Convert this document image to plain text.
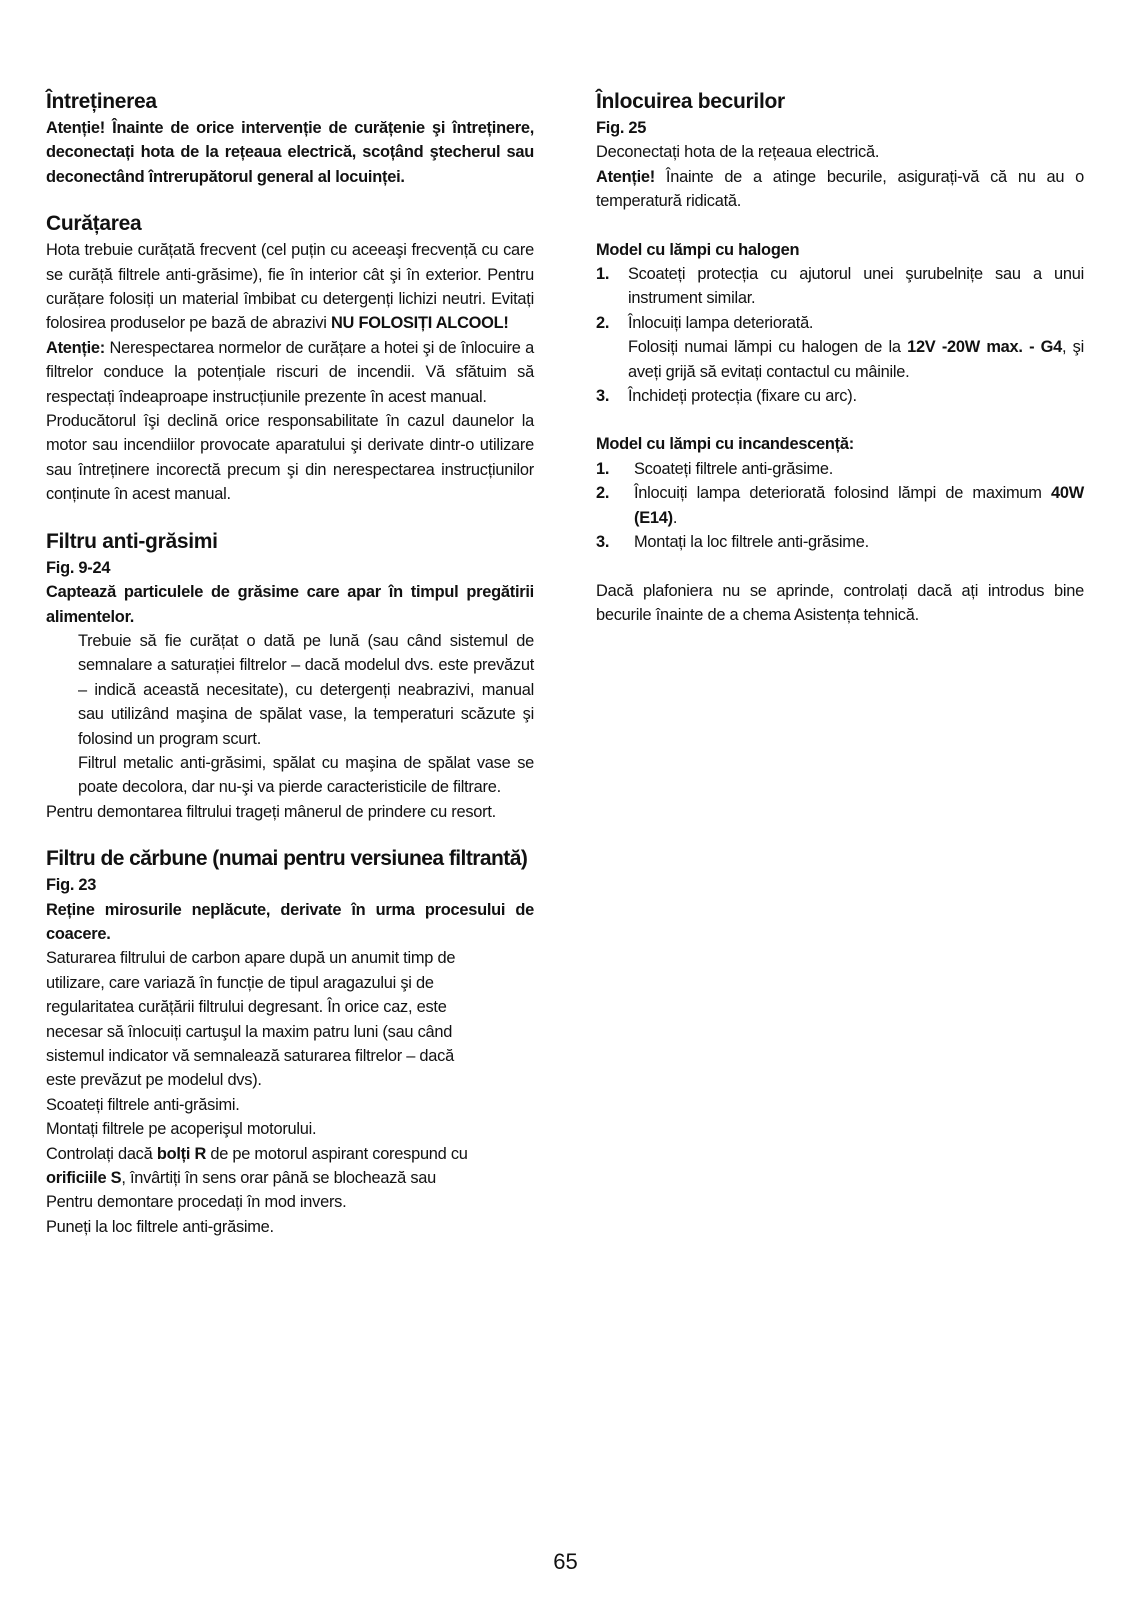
Întreținerea

Atenție! Înainte de orice intervenție de curățenie şi întreținere, deconectați hota de la rețeaua electrică, scoțând ştecherul sau deconectând întrerupătorul general al locuinței.

Curățarea

Hota trebuie curățată frecvent (cel puțin cu aceeaşi frecvență cu care se curăță filtrele anti-grăsime), fie în interior cât şi în exterior. Pentru curățare folosiți un material îmbibat cu detergenți lichizi neutri. Evitați folosirea produselor pe bază de abrazivi NU FOLOSIȚI ALCOOL!

Atenție: Nerespectarea normelor de curățare a hotei şi de înlocuire a filtrelor conduce la potențiale riscuri de incendii. Vă sfătuim să respectați îndeaproape instrucțiunile prezente în acest manual.

Producătorul îşi declină orice responsabilitate în cazul daunelor la motor sau incendiilor provocate aparatului şi derivate dintr-o utilizare sau întreținere incorectă precum şi din nerespectarea instrucțiunilor conținute în acest manual.

Filtru anti-grăsimi

Fig. 9-24

Captează particulele de grăsime care apar în timpul pregătirii alimentelor.

Trebuie să fie curățat o dată pe lună (sau când sistemul de semnalare a saturației filtrelor – dacă modelul dvs. este prevăzut – indică această necesitate), cu detergenți neabrazivi, manual sau utilizând maşina de spălat vase, la temperaturi scăzute şi folosind un program scurt.

Filtrul metalic anti-grăsimi, spălat cu maşina de spălat vase se poate decolora, dar nu-şi va pierde caracteristicile de filtrare.

Pentru demontarea filtrului trageți mânerul de prindere cu resort.

Filtru de cărbune (numai pentru versiunea filtrantă)

Fig. 23

Reține mirosurile neplăcute, derivate în urma procesului de coacere.

Saturarea filtrului de carbon apare după un anumit timp de

utilizare, care variază în funcție de tipul aragazului şi de

regularitatea curățării filtrului degresant. În orice caz, este

necesar să înlocuiți cartuşul la maxim patru luni (sau când

sistemul indicator vă semnalează saturarea filtrelor – dacă

este prevăzut pe modelul dvs).

Scoateți filtrele anti-grăsimi.

Montați filtrele pe acoperişul motorului.

Controlați dacă bolți R de pe motorul aspirant corespund cu

orificiile S, învârtiți în sens orar până se blochează sau

Pentru demontare procedați în mod invers.

Puneți la loc filtrele anti-grăsime.

Înlocuirea becurilor

Fig. 25

Deconectați hota de la rețeaua electrică.

Atenție! Înainte de a atinge becurile, asigurați-vă că nu au o temperatură ridicată.

Model cu lămpi cu halogen

1.	Scoateți protecția cu ajutorul unei şurubelnițe sau a unui instrument similar.
2.	Înlocuiți lampa deteriorată.
Folosiți numai lămpi cu halogen de la 12V -20W max. - G4, şi aveți grijă să evitați contactul cu mâinile.
3.	Închideți protecția (fixare cu arc).

Model cu lămpi cu incandescență:

1.	Scoateți filtrele anti-grăsime.
2.	Înlocuiți lampa deteriorată folosind lămpi de maximum 40W (E14).
3.	Montați la loc filtrele anti-grăsime.

Dacă plafoniera nu se aprinde, controlați dacă ați introdus bine becurile înainte de a chema Asistența tehnică.

65
